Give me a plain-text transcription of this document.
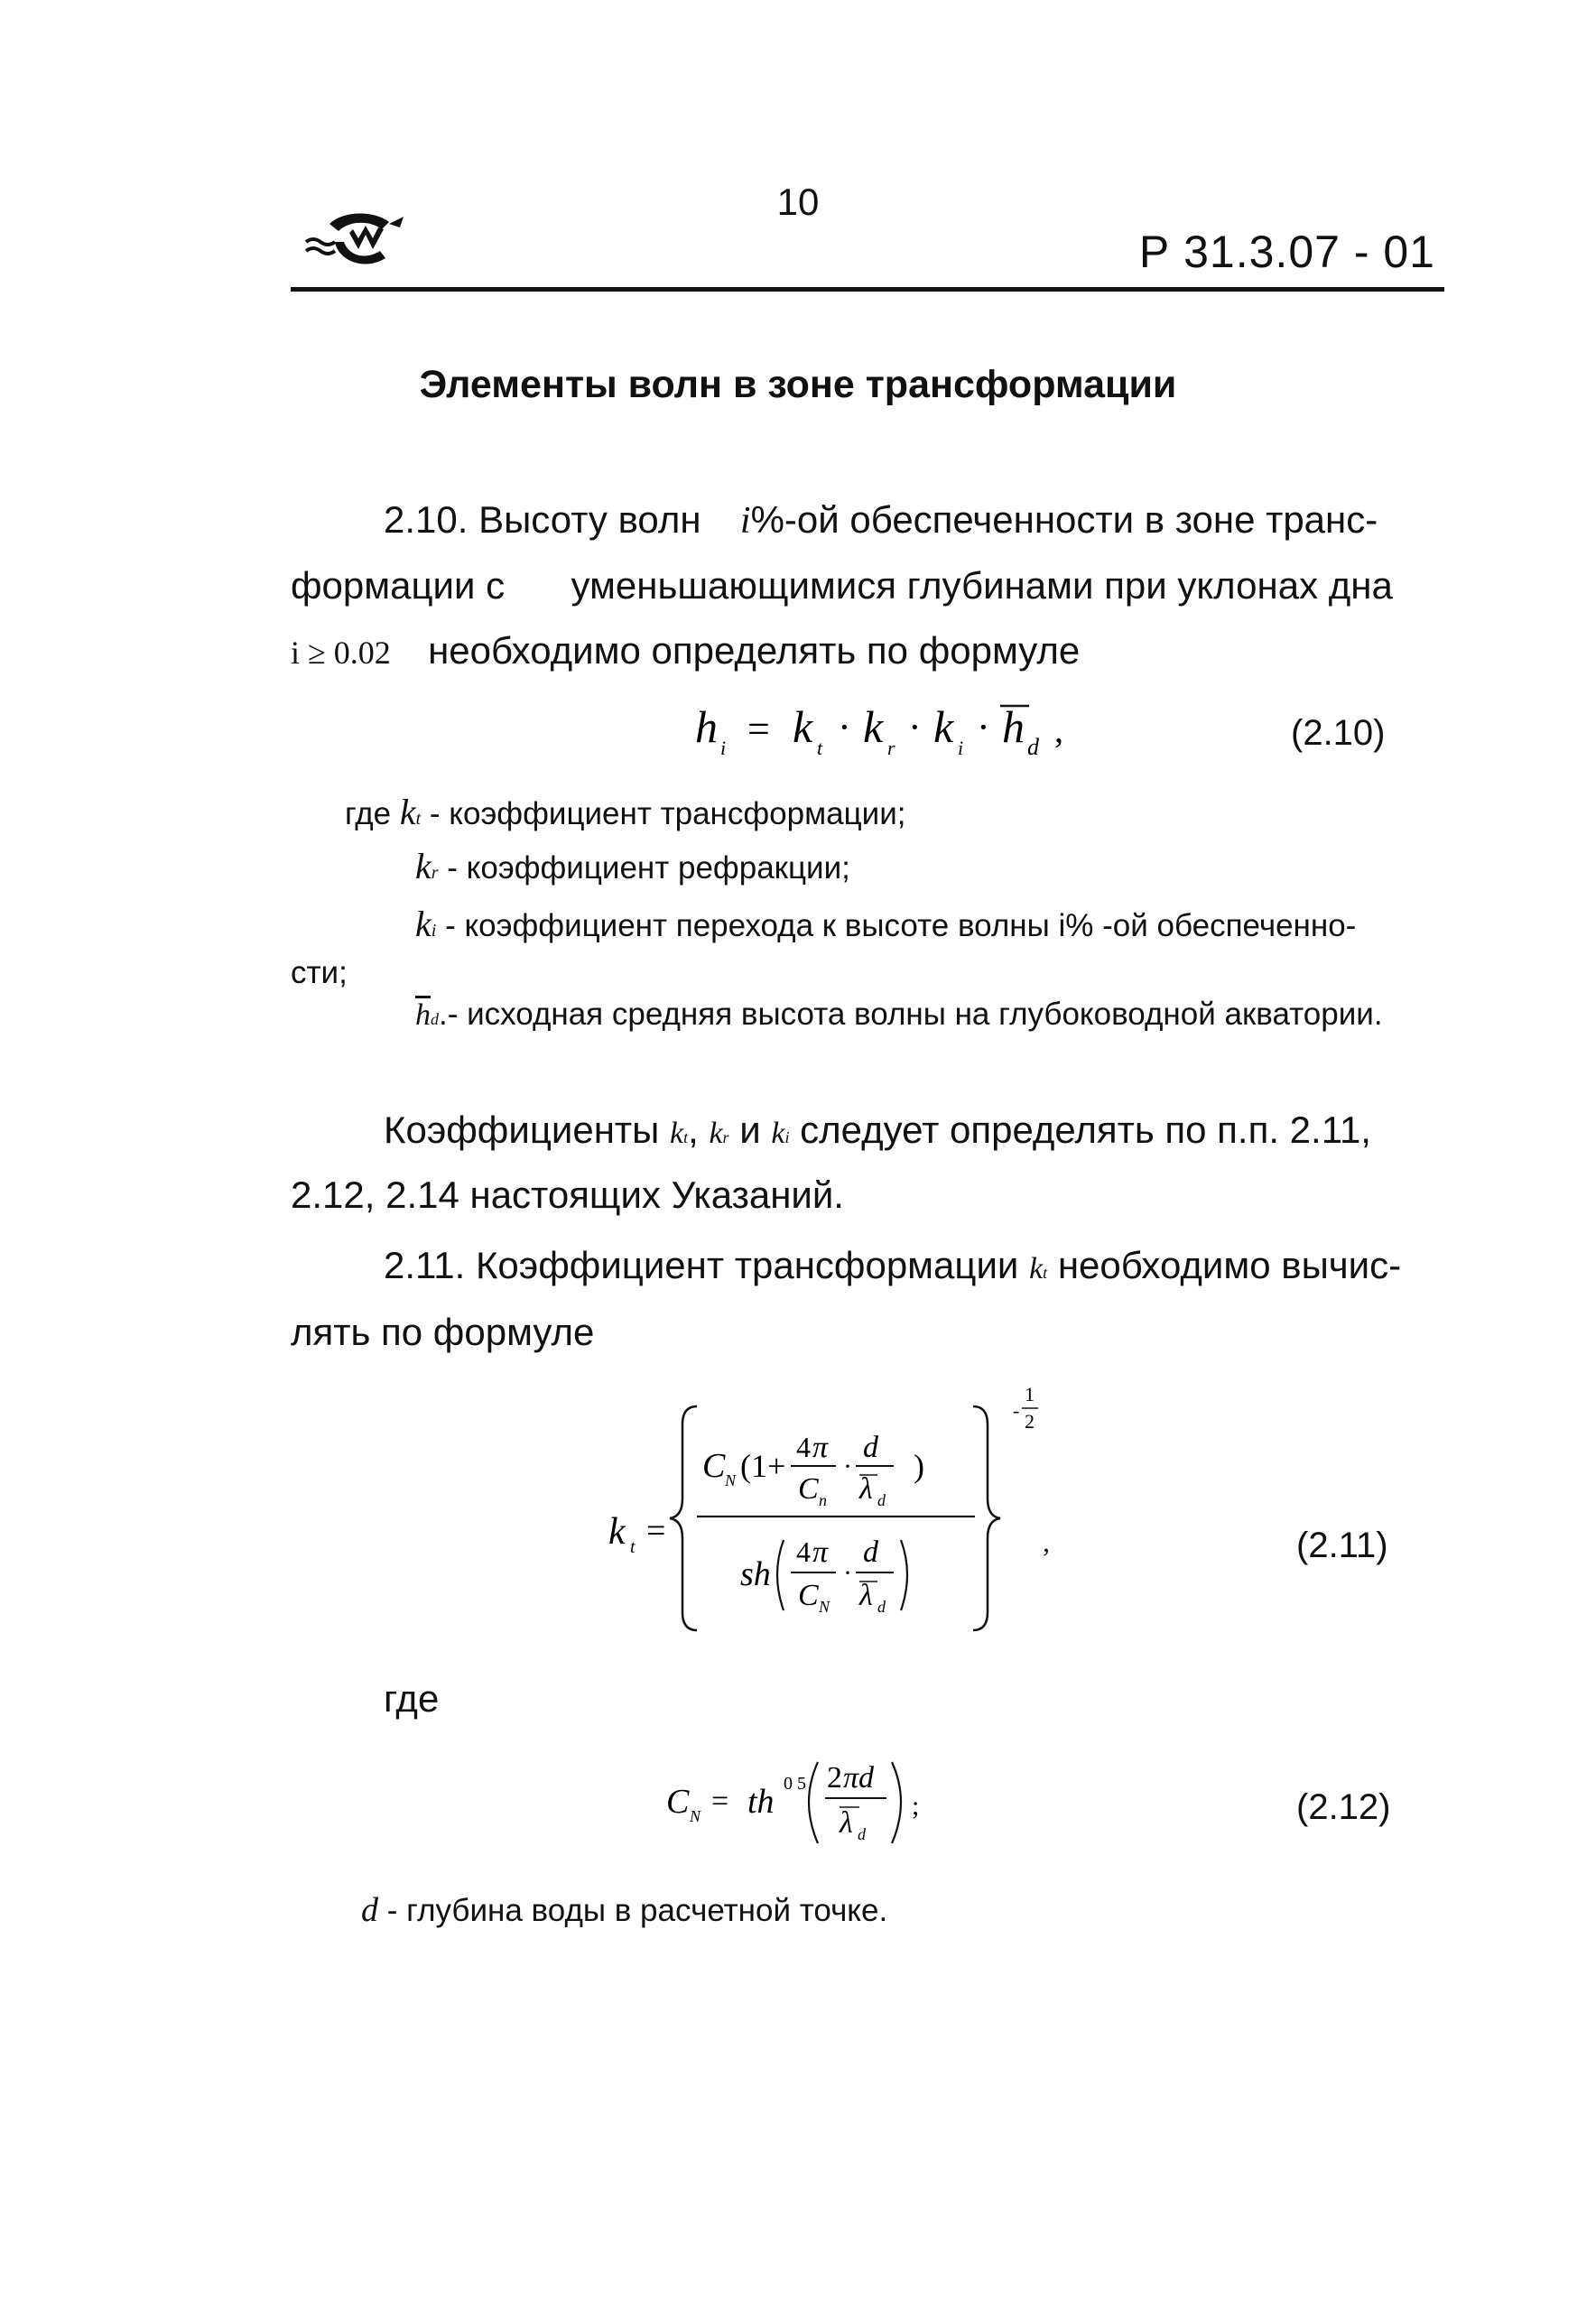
10
Р 31.3.07 - 01
Элементы волн в зоне трансформации
2.10. Высоту волн i%-ой обеспеченности в зоне транс-
формации с уменьшающимися глубинами при уклонах дна
i ≥ 0.02 необходимо определять по формуле
h i = k t · k r · k i · h d ,	(2.10)
где kt - коэффициент трансформации;
kr - коэффициент рефракции;
ki - коэффициент перехода к высоте волны i% -ой обеспеченно-
сти;
$\overline{h}d.-$ исходная средняя высота волны на глубоководной акватории.
Коэффициенты kt, kr и ki следует определять по п.п. 2.11,
2.12, 2.14 настоящих Указаний.
2.11. Коэффициент трансформации kt необходимо вычис-
лять по формуле
k t =
-
1
2
C N (1+
4 π
C n
·
d
λ d
)
sh
4 π
C N
·
d
λ d
,	(2.11)
где
C N = th 0 5 2 πd
λ d
;	(2.12)
d - глубина воды в расчетной точке.
